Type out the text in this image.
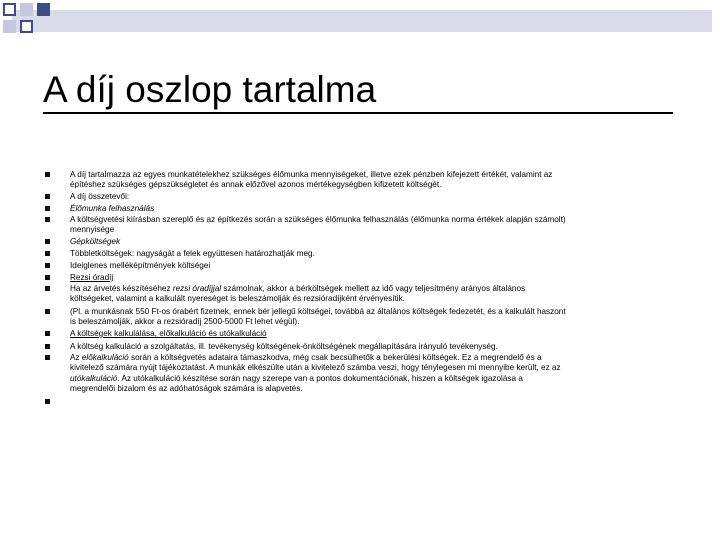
A díj oszlop tartalma
A díj tartalmazza az egyes munkatételekhez szükséges élőmunka mennyiségeket, illetve ezek pénzben kifejezett értékét, valamint az
építéshez szükséges gépszükségletet és annak előzővel azonos mértékegységben kifizetett költségét.
A díj összetevői:
Élőmunka felhasználás
A költségvetési kiírásban szereplő és az építkezés során a szükséges élőmunka felhasználás (élőmunka norma értékek alapján számolt)
mennyisége
Gépköltségek
Többletköltségek: nagyságát a felek együttesen határozhatják meg.
Ideiglenes melléképítmények költségei
Rezsi óradíj
Ha az árvetés készítéséhez rezsi óradíjjal számolnak, akkor a bérköltségek mellett az idő vagy teljesítmény arányos általános
költségeket, valamint a kalkulált nyereséget is beleszámolják és rezsióradíjként érvényesítik.
(Pl. a munkásnak 550 Ft-os órabért fizetnek, ennek bér jellegű költségei, továbbá az általános költségek fedezetét, és a kalkulált haszont
is beleszámolják, akkor a rezsióradíj 2500-5000 Ft lehet végül).
A költségek kalkulálása, előkalkuláció és utókalkuláció
A költség kalkuláció a szolgáltatás, ill. tevékenység költségének-önköltségének megállapítására irányuló tevékenység.
Az előkalkuláció során a költségvetés adataira támaszkodva, még csak becsülhetők a bekerülési költségek. Ez a megrendelő és a
kivitelező számára nyújt tájékoztatást. A munkák elkészülte után a kivitelező számba veszi, hogy ténylegesen mi mennyibe került, ez az
utókalkuláció. Az utókalkuláció készítése során nagy szerepe van a pontos dokumentációnak, hiszen a költségek igazolása a
megrendelői bizalom és az adóhatóságok számára is alapvetés.
